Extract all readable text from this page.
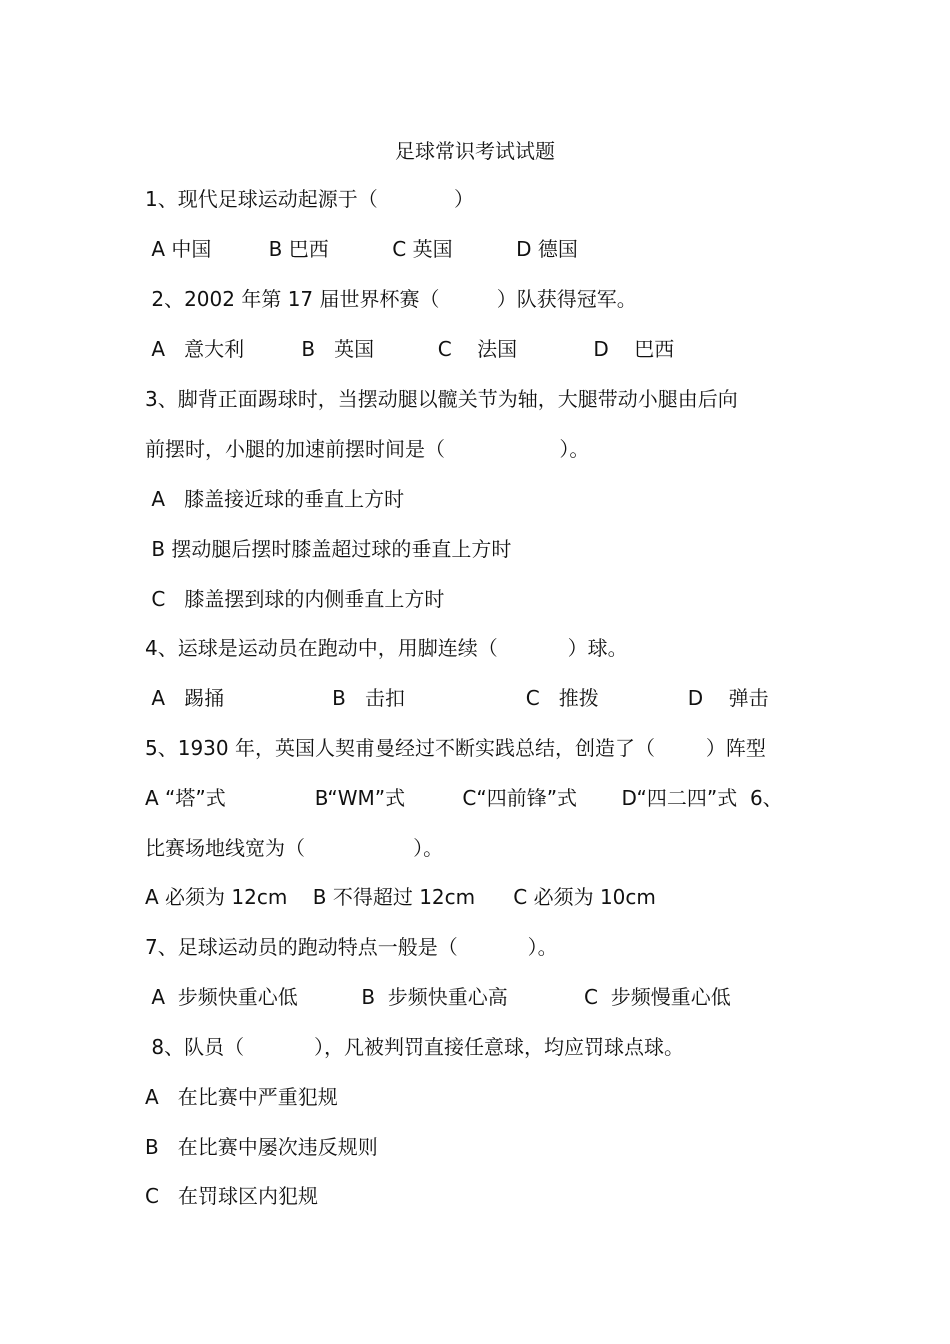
足球常识考试试题
1、现代足球运动起源于（            ）
A 中国         B 巴西          C 英国          D 德国
2、2002 年第 17 届世界杯赛（         ）队获得冠军。
A   意大利         B   英国          C    法国            D    巴西
3、脚背正面踢球时，当摆动腿以髋关节为轴，大腿带动小腿由后向
前摆时，小腿的加速前摆时间是（                  ）。
A   膝盖接近球的垂直上方时
B 摆动腿后摆时膝盖超过球的垂直上方时
C   膝盖摆到球的内侧垂直上方时
4、运球是运动员在跑动中，用脚连续（           ）球。
A   踢捅                 B   击扣                   C   推拨              D    弹击
5、1930 年，英国人契甫曼经过不断实践总结，创造了（        ）阵型
A “塔”式              B“WM”式         C“四前锋”式       D“四二四”式  6、
比赛场地线宽为（                 ）。
A 必须为 12cm    B 不得超过 12cm      C 必须为 10cm
7、足球运动员的跑动特点一般是（           ）。
A  步频快重心低          B  步频快重心高            C  步频慢重心低
8、队员（           ），凡被判罚直接任意球，均应罚球点球。
A   在比赛中严重犯规
B   在比赛中屡次违反规则
C   在罚球区内犯规
